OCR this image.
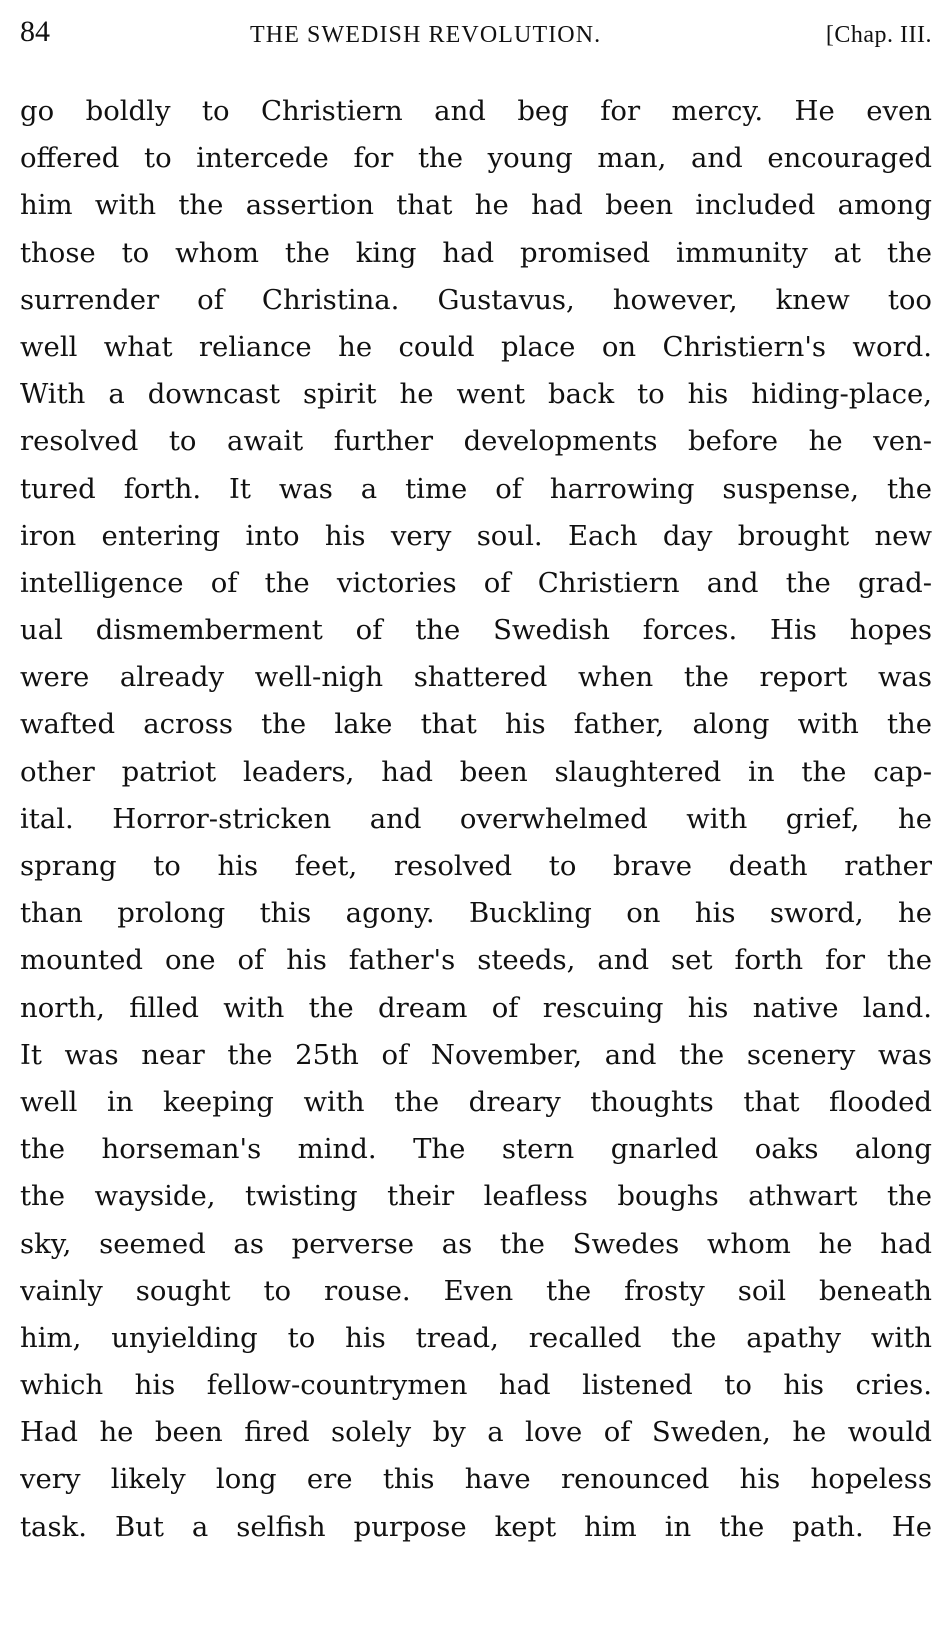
84	THE SWEDISH REVOLUTION.	[Chap. III.
go boldly to Christiern and beg for mercy. He even
offered to intercede for the young man, and encouraged
him with the assertion that he had been included among
those to whom the king had promised immunity at the
surrender of Christina. Gustavus, however, knew too
well what reliance he could place on Christiern's word.
With a downcast spirit he went back to his hiding-place,
resolved to await further developments before he ven-
tured forth. It was a time of harrowing suspense, the
iron entering into his very soul. Each day brought new
intelligence of the victories of Christiern and the grad-
ual dismemberment of the Swedish forces. His hopes
were already well-nigh shattered when the report was
wafted across the lake that his father, along with the
other patriot leaders, had been slaughtered in the cap-
ital. Horror-stricken and overwhelmed with grief, he
sprang to his feet, resolved to brave death rather
than prolong this agony. Buckling on his sword, he
mounted one of his father's steeds, and set forth for the
north, filled with the dream of rescuing his native land.
It was near the 25th of November, and the scenery was
well in keeping with the dreary thoughts that flooded
the horseman's mind. The stern gnarled oaks along
the wayside, twisting their leafless boughs athwart the
sky, seemed as perverse as the Swedes whom he had
vainly sought to rouse. Even the frosty soil beneath
him, unyielding to his tread, recalled the apathy with
which his fellow-countrymen had listened to his cries.
Had he been fired solely by a love of Sweden, he would
very likely long ere this have renounced his hopeless
task. But a selfish purpose kept him in the path. He
